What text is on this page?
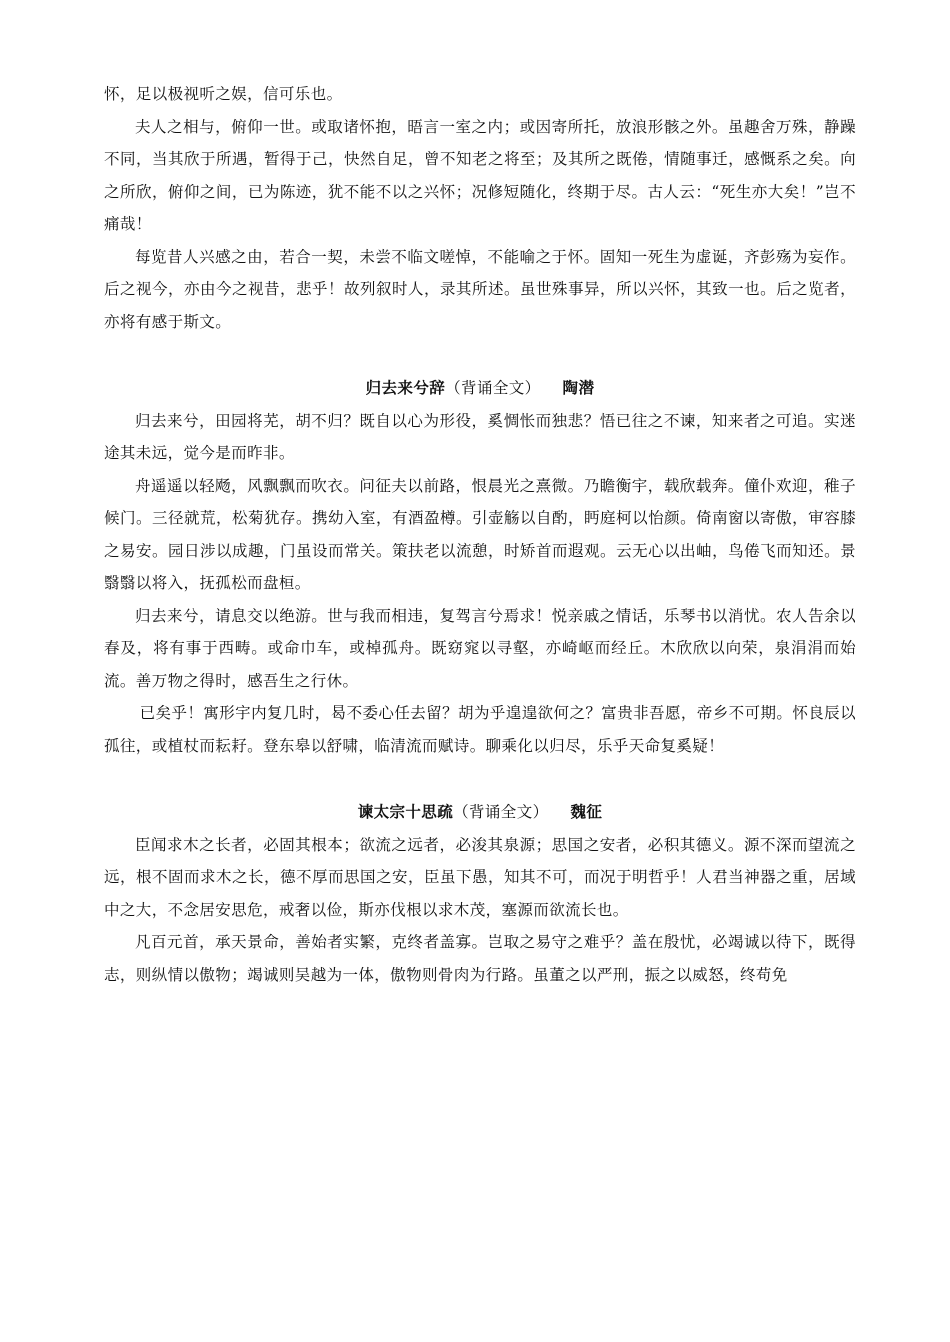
怀，足以极视听之娱，信可乐也。

夫人之相与，俯仰一世。或取诸怀抱，晤言一室之内；或因寄所托，放浪形骸之外。虽趣舍万殊，静躁不同，当其欣于所遇，暂得于己，快然自足，曾不知老之将至；及其所之既倦，情随事迁，感慨系之矣。向之所欣，俯仰之间，已为陈迹，犹不能不以之兴怀；况修短随化，终期于尽。古人云：“死生亦大矣！”岂不痛哉！

每览昔人兴感之由，若合一契，未尝不临文嗟悼，不能喻之于怀。固知一死生为虚诞，齐彭殇为妄作。后之视今，亦由今之视昔，悲乎！故列叙时人，录其所述。虽世殊事异，所以兴怀，其致一也。后之览者，亦将有感于斯文。

归去来兮辞（背诵全文） 陶潜

归去来兮，田园将芜，胡不归？既自以心为形役，奚惆怅而独悲？悟已往之不谏，知来者之可追。实迷途其未远，觉今是而昨非。

舟遥遥以轻飏，风飘飘而吹衣。问征夫以前路，恨晨光之熹微。乃瞻衡宇，载欣载奔。僮仆欢迎，稚子候门。三径就荒，松菊犹存。携幼入室，有酒盈樽。引壶觞以自酌，眄庭柯以怡颜。倚南窗以寄傲，审容膝之易安。园日涉以成趣，门虽设而常关。策扶老以流憩，时矫首而遐观。云无心以出岫，鸟倦飞而知还。景翳翳以将入，抚孤松而盘桓。

归去来兮，请息交以绝游。世与我而相违，复驾言兮焉求！悦亲戚之情话，乐琴书以消忧。农人告余以春及，将有事于西畴。或命巾车，或棹孤舟。既窈窕以寻壑，亦崎岖而经丘。木欣欣以向荣，泉涓涓而始流。善万物之得时，感吾生之行休。

已矣乎！寓形宇内复几时，曷不委心任去留？胡为乎遑遑欲何之？富贵非吾愿，帝乡不可期。怀良辰以孤往，或植杖而耘耔。登东皋以舒啸，临清流而赋诗。聊乘化以归尽，乐乎天命复奚疑！

谏太宗十思疏（背诵全文） 魏征

臣闻求木之长者，必固其根本；欲流之远者，必浚其泉源；思国之安者，必积其德义。源不深而望流之远，根不固而求木之长，德不厚而思国之安，臣虽下愚，知其不可，而况于明哲乎！人君当神器之重，居域中之大，不念居安思危，戒奢以俭，斯亦伐根以求木茂，塞源而欲流长也。

凡百元首，承天景命，善始者实繁，克终者盖寡。岂取之易守之难乎？盖在殷忧，必竭诚以待下，既得志，则纵情以傲物；竭诚则吴越为一体，傲物则骨肉为行路。虽董之以严刑，振之以威怒，终苟免
